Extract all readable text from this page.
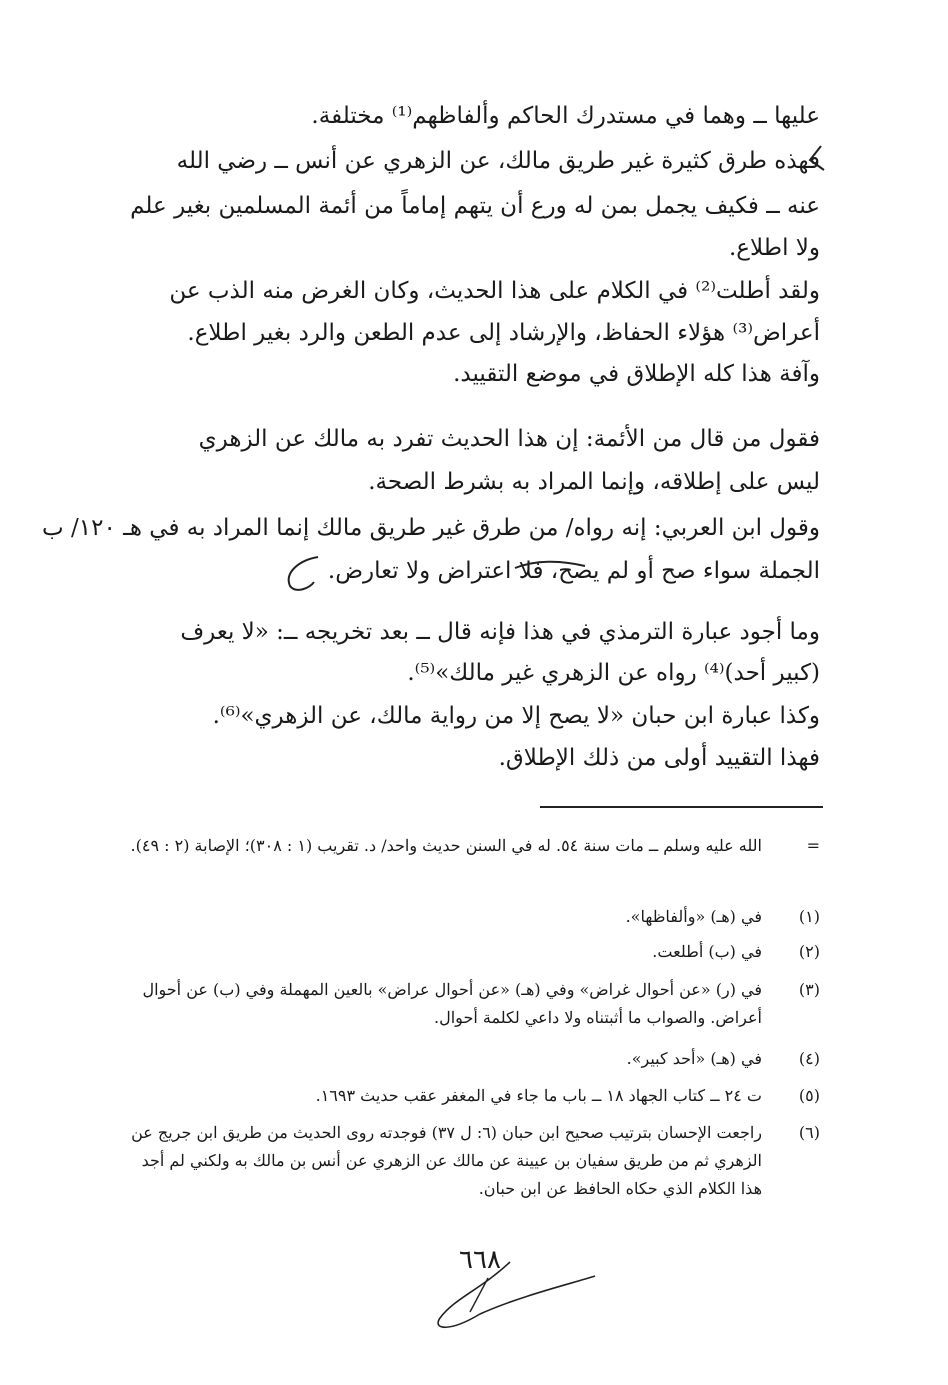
عليها ــ وهما في مستدرك الحاكم وألفاظهم⁽¹⁾ مختلفة.
فهذه طرق كثيرة غير طريق مالك، عن الزهري عن أنس ــ رضي الله
عنه ــ فكيف يجمل بمن له ورع أن يتهم إماماً من أئمة المسلمين بغير علم
ولا اطلاع.
ولقد أطلت⁽²⁾ في الكلام على هذا الحديث، وكان الغرض منه الذب عن
أعراض⁽³⁾ هؤلاء الحفاظ، والإرشاد إلى عدم الطعن والرد بغير اطلاع.
وآفة هذا كله الإطلاق في موضع التقييد.
فقول من قال من الأئمة: إن هذا الحديث تفرد به مالك عن الزهري
ليس على إطلاقه، وإنما المراد به بشرط الصحة.
وقول ابن العربي: إنه رواه/ من طرق غير طريق مالك إنما المراد به في هـ ١٢٠/ ب
الجملة سواء صح أو لم يصح، فلا اعتراض ولا تعارض.
وما أجود عبارة الترمذي في هذا فإنه قال ــ بعد تخريجه ــ: «لا يعرف
(كبير أحد)⁽⁴⁾ رواه عن الزهري غير مالك»⁽⁵⁾.
وكذا عبارة ابن حبان «لا يصح إلا من رواية مالك، عن الزهري»⁽⁶⁾.
فهذا التقييد أولى من ذلك الإطلاق.
=
الله عليه وسلم ــ مات سنة ٥٤. له في السنن حديث واحد/ د. تقريب (١ : ٣٠٨)؛ الإصابة (٢ : ٤٩).
(١)
في (هـ) «وألفاظها».
(٢)
في (ب) أطلعت.
(٣)
في (ر) «عن أحوال غراض» وفي (هـ) «عن أحوال عراض» بالعين المهملة وفي (ب) عن أحوال أعراض. والصواب ما أثبتناه ولا داعي لكلمة أحوال.
(٤)
في (هـ) «أحد كبير».
(٥)
ت ٢٤ ــ كتاب الجهاد ١٨ ــ باب ما جاء في المغفر عقب حديث ١٦٩٣.
(٦)
راجعت الإحسان بترتيب صحيح ابن حبان (٦: ل ٣٧) فوجدته روى الحديث من طريق ابن جريج عن الزهري ثم من طريق سفيان بن عيينة عن مالك عن الزهري عن أنس بن مالك به ولكني لم أجد هذا الكلام الذي حكاه الحافظ عن ابن حبان.
٦٦٨
